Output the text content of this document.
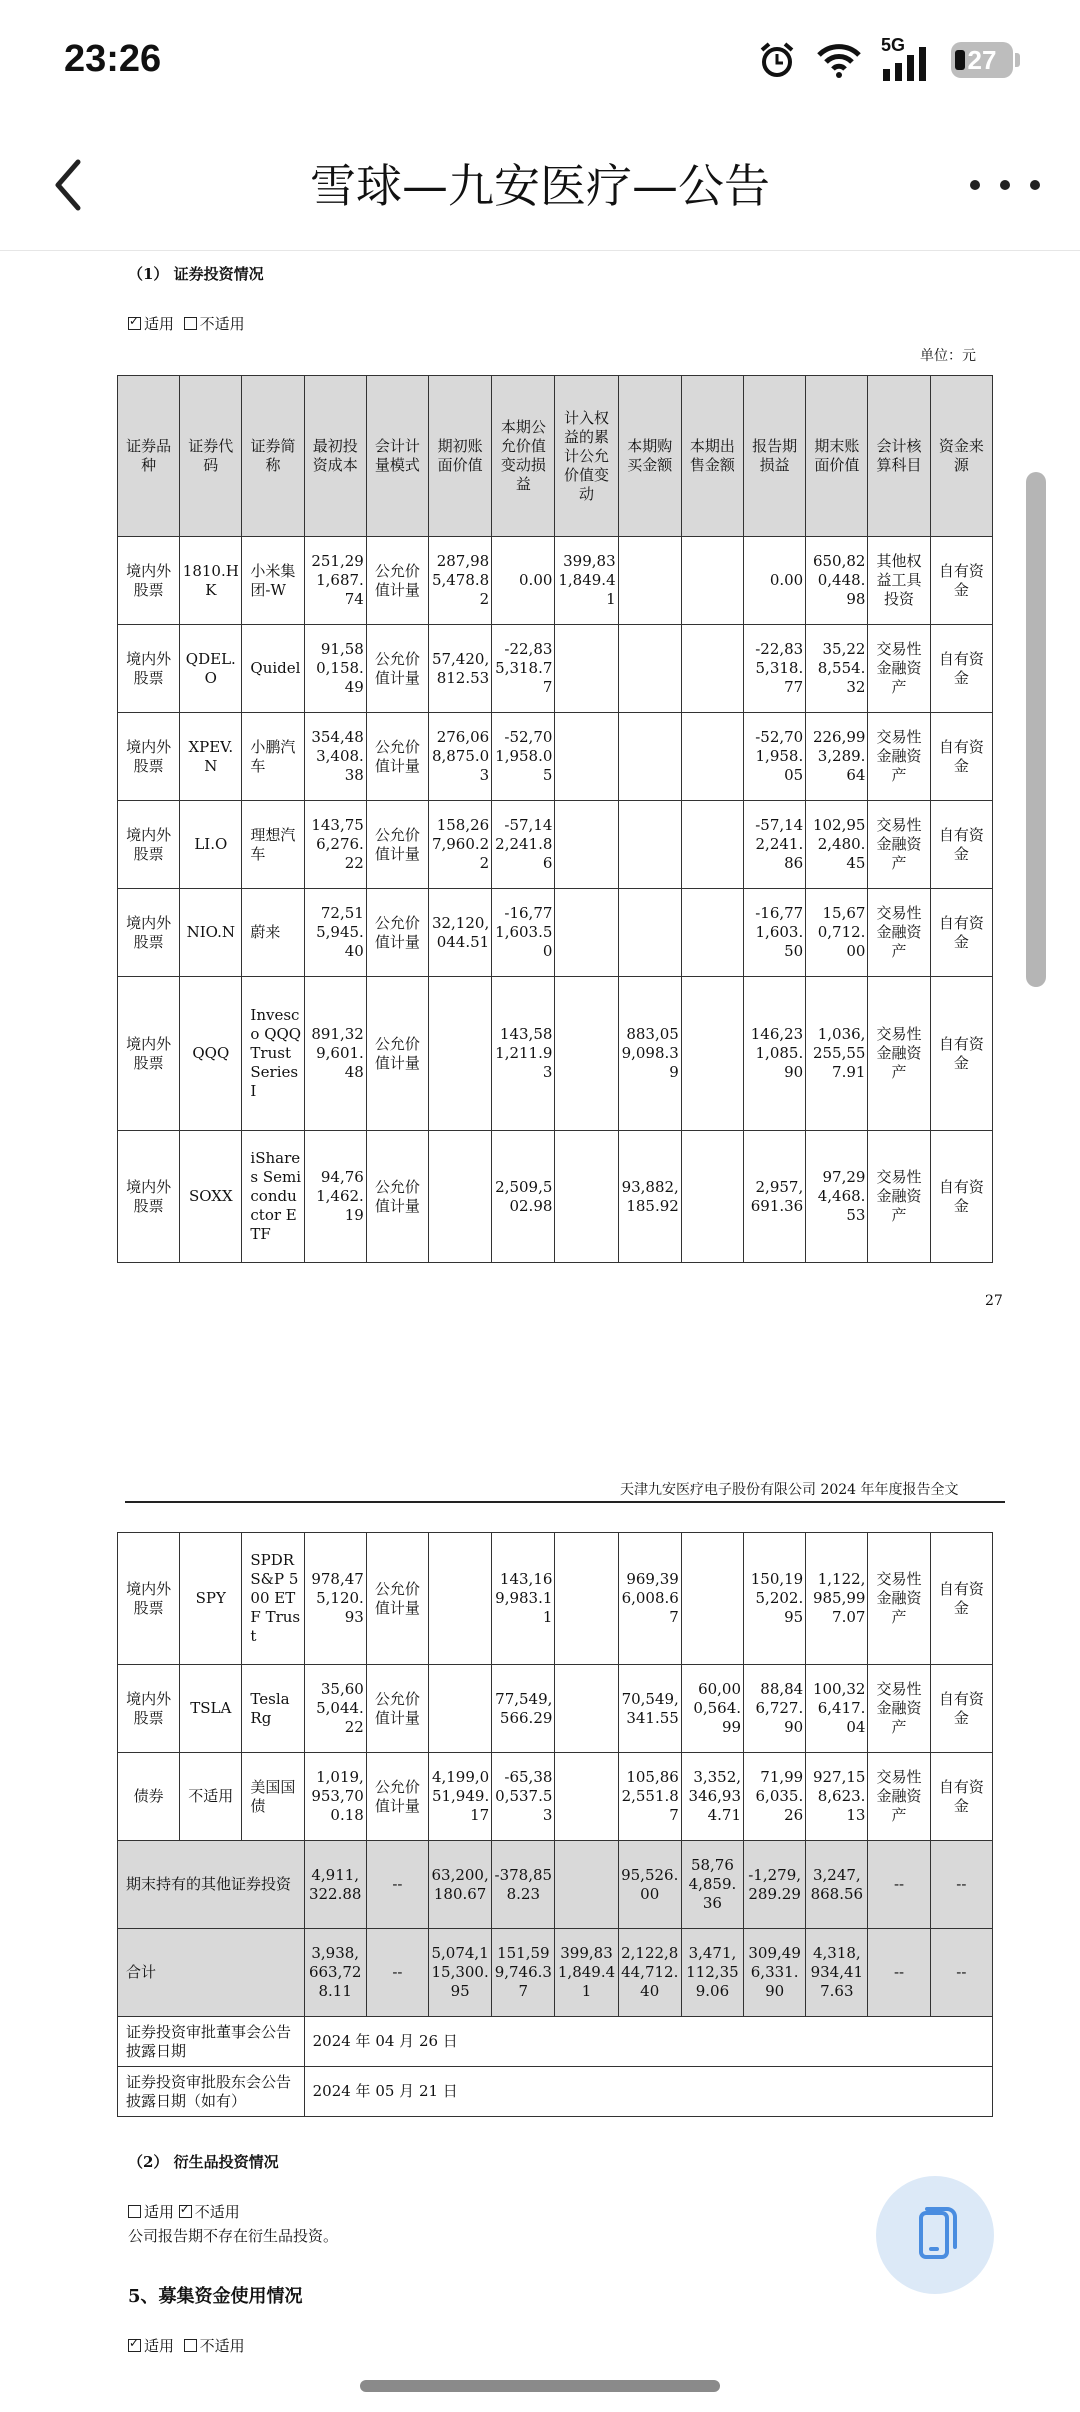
23:26	5G 27
雪球—九安医疗—公告
（1） 证券投资情况
✓适用 不适用
单位：元
证券品种	证券代码	证券简称	最初投资成本	会计计量模式	期初账面价值	本期公允价值变动损益	计入权益的累计公允价值变动	本期购买金额	本期出售金额	报告期损益	期末账面价值	会计核算科目	资金来源
境内外股票	1810.HK	小米集团-W	251,291,687.74	公允价值计量	287,985,478.82	0.00	399,831,849.41			0.00	650,820,448.98	其他权益工具投资	自有资金
境内外股票	QDEL.O	Quidel	91,580,158.49	公允价值计量	57,420,812.53	-22,835,318.77				-22,835,318.77	35,228,554.32	交易性金融资产	自有资金
境内外股票	XPEV.N	小鹏汽车	354,483,408.38	公允价值计量	276,068,875.03	-52,701,958.05				-52,701,958.05	226,993,289.64	交易性金融资产	自有资金
境内外股票	LI.O	理想汽车	143,756,276.22	公允价值计量	158,267,960.22	-57,142,241.86				-57,142,241.86	102,952,480.45	交易性金融资产	自有资金
境内外股票	NIO.N	蔚来	72,515,945.40	公允价值计量	32,120,044.51	-16,771,603.50				-16,771,603.50	15,670,712.00	交易性金融资产	自有资金
境内外股票	QQQ	Invesco QQQ Trust Series I	891,329,601.48	公允价值计量		143,581,211.93		883,059,098.39		146,231,085.90	1,036,255,557.91	交易性金融资产	自有资金
境内外股票	SOXX	iShares Semiconductor ETF	94,761,462.19	公允价值计量		2,509,502.98		93,882,185.92		2,957,691.36	97,294,468.53	交易性金融资产	自有资金
27
天津九安医疗电子股份有限公司 2024 年年度报告全文
境内外股票	SPY	SPDR S&P 500 ETF Trust	978,475,120.93	公允价值计量		143,169,983.11		969,396,008.67		150,195,202.95	1,122,985,997.07	交易性金融资产	自有资金
境内外股票	TSLA	Tesla Rg	35,605,044.22	公允价值计量		77,549,566.29		70,549,341.55	60,000,564.99	88,846,727.90	100,326,417.04	交易性金融资产	自有资金
债券	不适用	美国国债	1,019,953,700.18	公允价值计量	4,199,051,949.17	-65,380,537.53		105,862,551.87	3,352,346,934.71	71,996,035.26	927,158,623.13	交易性金融资产	自有资金
期末持有的其他证券投资			4,911,322.88	--	63,200,180.67	-378,858.23		95,526.00	58,764,859.36	-1,279,289.29	3,247,868.56	--	--
合计			3,938,663,728.11	--	5,074,115,300.95	151,599,746.37	399,831,849.41	2,122,844,712.40	3,471,112,359.06	309,496,331.90	4,318,934,417.63	--	--
证券投资审批董事会公告披露日期			2024 年 04 月 26 日										
证券投资审批股东会公告披露日期（如有）			2024 年 05 月 21 日										
（2） 衍生品投资情况
适用 ✓ 不适用
公司报告期不存在衍生品投资。
5、募集资金使用情况
✓适用 不适用
